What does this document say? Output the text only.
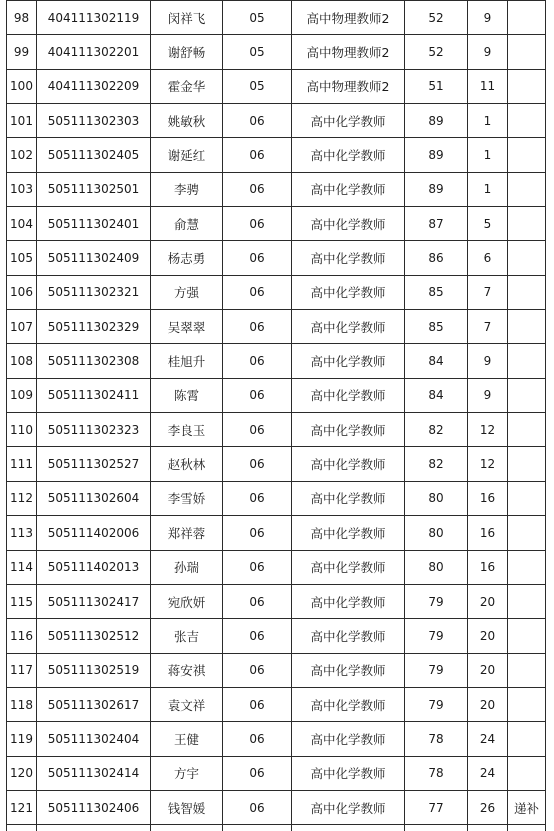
98	404111302119	闵祥飞	05	高中物理教师2	52	9	
99	404111302201	谢舒畅	05	高中物理教师2	52	9	
100	404111302209	霍金华	05	高中物理教师2	51	11	
101	505111302303	姚敏秋	06	高中化学教师	89	1	
102	505111302405	谢延红	06	高中化学教师	89	1	
103	505111302501	李骋	06	高中化学教师	89	1	
104	505111302401	俞慧	06	高中化学教师	87	5	
105	505111302409	杨志勇	06	高中化学教师	86	6	
106	505111302321	方强	06	高中化学教师	85	7	
107	505111302329	吴翠翠	06	高中化学教师	85	7	
108	505111302308	桂旭升	06	高中化学教师	84	9	
109	505111302411	陈霄	06	高中化学教师	84	9	
110	505111302323	李良玉	06	高中化学教师	82	12	
111	505111302527	赵秋林	06	高中化学教师	82	12	
112	505111302604	李雪娇	06	高中化学教师	80	16	
113	505111402006	郑祥蓉	06	高中化学教师	80	16	
114	505111402013	孙瑞	06	高中化学教师	80	16	
115	505111302417	宛欣妍	06	高中化学教师	79	20	
116	505111302512	张吉	06	高中化学教师	79	20	
117	505111302519	蒋安祺	06	高中化学教师	79	20	
118	505111302617	袁文祥	06	高中化学教师	79	20	
119	505111302404	王健	06	高中化学教师	78	24	
120	505111302414	方宇	06	高中化学教师	78	24	
121	505111302406	钱智媛	06	高中化学教师	77	26	递补
